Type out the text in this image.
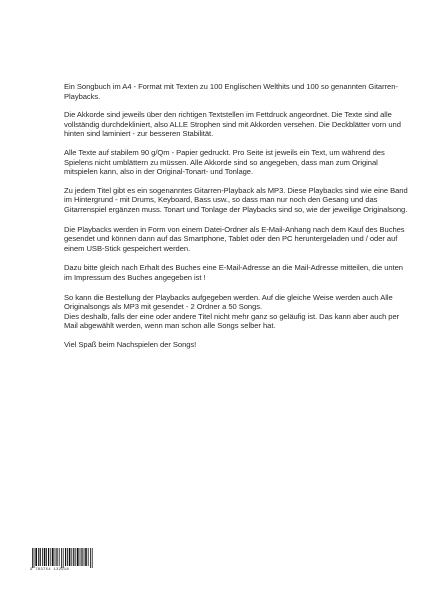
Ein Songbuch im A4 - Format mit Texten zu 100 Englischen Welthits und 100 so genannten Gitarren-Playbacks.

Die Akkorde sind jeweils über den richtigen Textstellen im Fettdruck angeordnet. Die Texte sind alle vollständig durchdekliniert, also ALLE Strophen sind mit Akkorden versehen. Die Deckblätter vorn und hinten sind laminiert - zur besseren Stabilität.

Alle Texte auf stabilem 90 g/Qm - Papier gedruckt. Pro Seite ist jeweils ein Text, um während des Spielens nicht umblättern zu müssen. Alle Akkorde sind so angegeben, dass man zum Original mitspielen kann, also in der Original-Tonart- und Tonlage.

Zu jedem Titel gibt es ein sogenanntes Gitarren-Playback als MP3. Diese Playbacks sind wie eine Band im Hintergrund - mit Drums, Keyboard, Bass usw., so dass man nur noch den Gesang und das Gitarrenspiel ergänzen muss. Tonart und Tonlage der Playbacks sind so, wie der jeweilige Originalsong.

Die Playbacks werden in Form von einem Datei-Ordner als E-Mail-Anhang nach dem Kauf des Buches gesendet und können dann auf das Smartphone, Tablet oder den PC heruntergeladen und / oder auf einem USB-Stick gespeichert werden.

Dazu bitte gleich nach Erhalt des Buches eine E-Mail-Adresse an die Mail-Adresse mitteilen, die unten im Impressum des Buches angegeben ist !

So kann die Bestellung der Playbacks aufgegeben werden. Auf die gleiche Weise werden auch Alle Originalsongs als MP3 mit gesendet - 2 Ordner a 50 Songs.
Dies deshalb, falls der eine oder andere Titel nicht mehr ganz so geläufig ist. Das kann aber auch per Mail abgewählt werden, wenn man schon alle Songs selber hat.

Viel Spaß beim Nachspielen der Songs!

9 783754 132618
